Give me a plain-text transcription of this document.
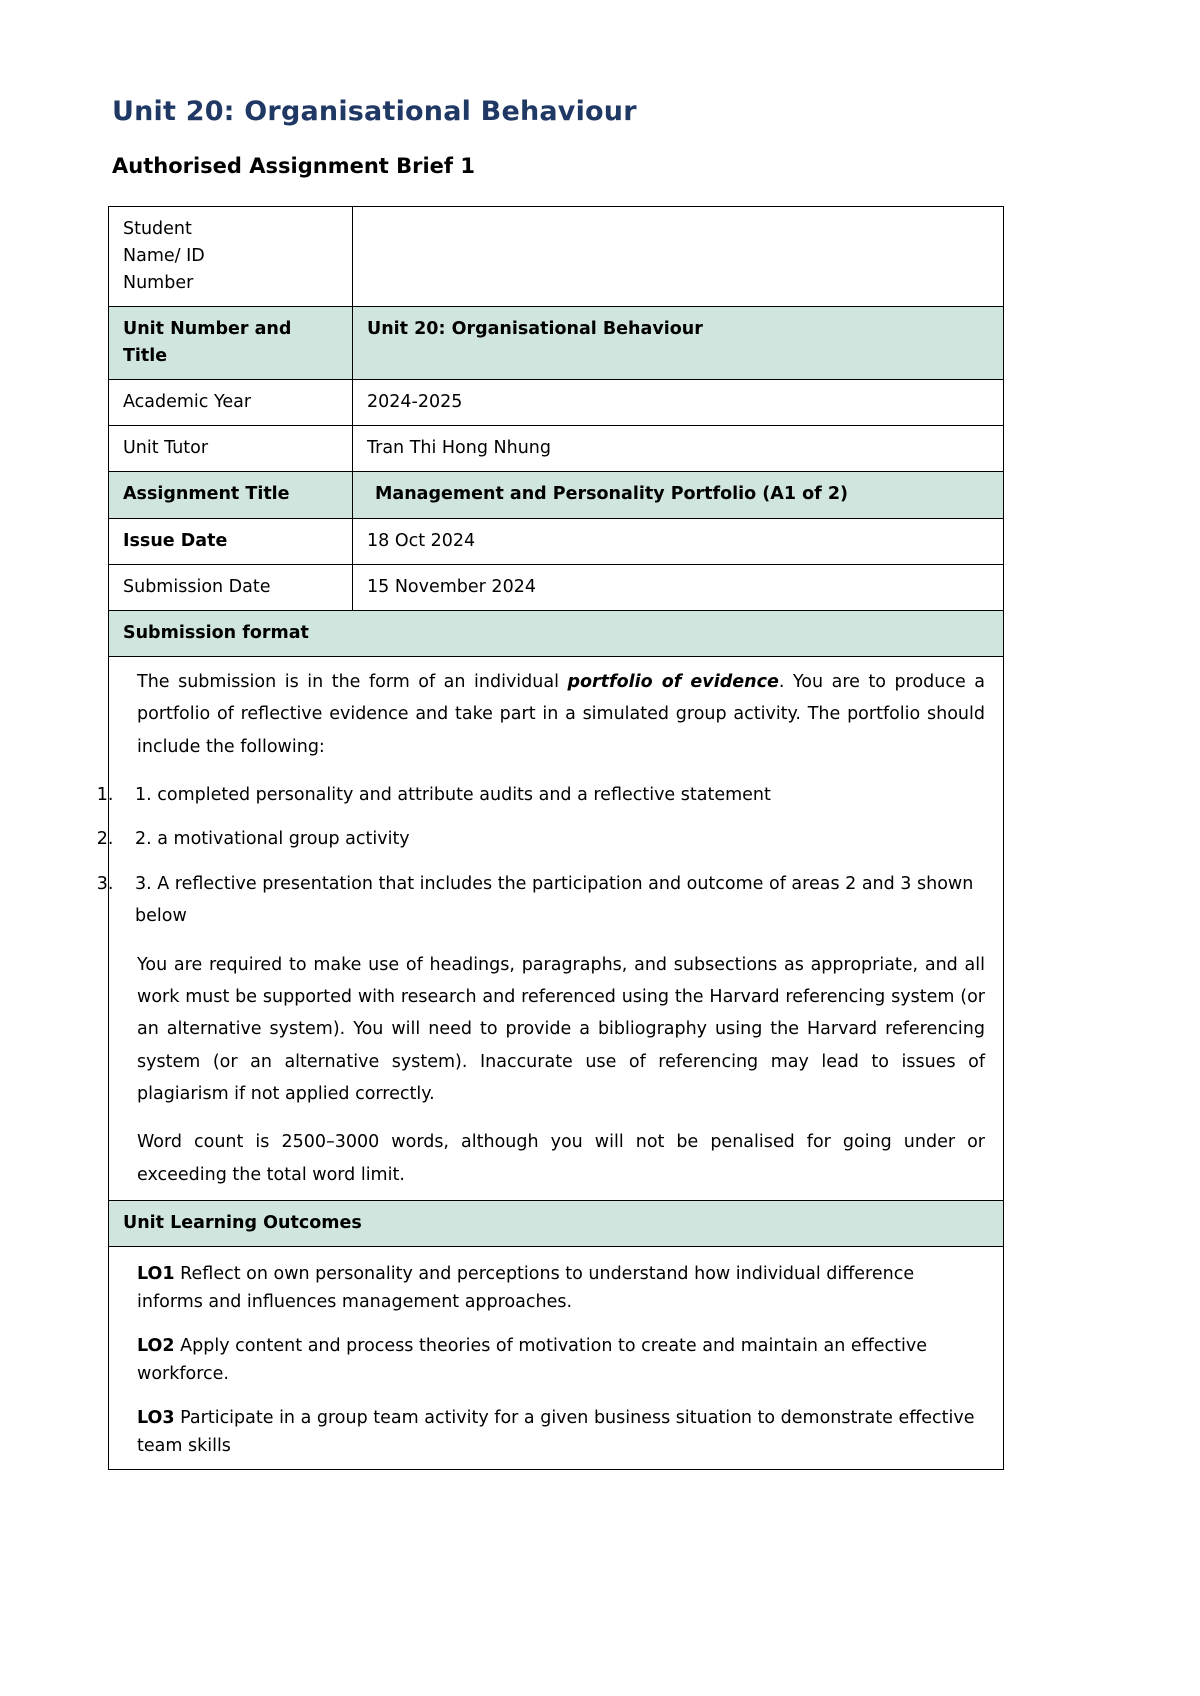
Unit 20: Organisational Behaviour
Authorised Assignment Brief 1
Student
Name/ ID
Number	
Unit Number and Title	Unit 20: Organisational Behaviour
Academic Year	2024-2025
Unit Tutor	Tran Thi Hong Nhung
Assignment Title	Management and Personality Portfolio (A1 of 2)
Issue Date	18 Oct 2024
Submission Date	15 November 2024
Submission format	

The submission is in the form of an individual portfolio of evidence. You are to produce a portfolio of reflective evidence and take part in a simulated group activity. The portfolio should include the following:

1. 1. completed personality and attribute audits and a reflective statement
2. 2. a motivational group activity
3. 3. A reflective presentation that includes the participation and outcome of areas 2 and 3 shown below

You are required to make use of headings, paragraphs, and subsections as appropriate, and all work must be supported with research and referenced using the Harvard referencing system (or an alternative system). You will need to provide a bibliography using the Harvard referencing system (or an alternative system). Inaccurate use of referencing may lead to issues of plagiarism if not applied correctly.

Word count is 2500–3000 words, although you will not be penalised for going under or exceeding the total word limit.

Unit Learning Outcomes	

LO1 Reflect on own personality and perceptions to understand how individual difference informs and influences management approaches.

LO2 Apply content and process theories of motivation to create and maintain an effective workforce.

LO3 Participate in a group team activity for a given business situation to demonstrate effective team skills	
